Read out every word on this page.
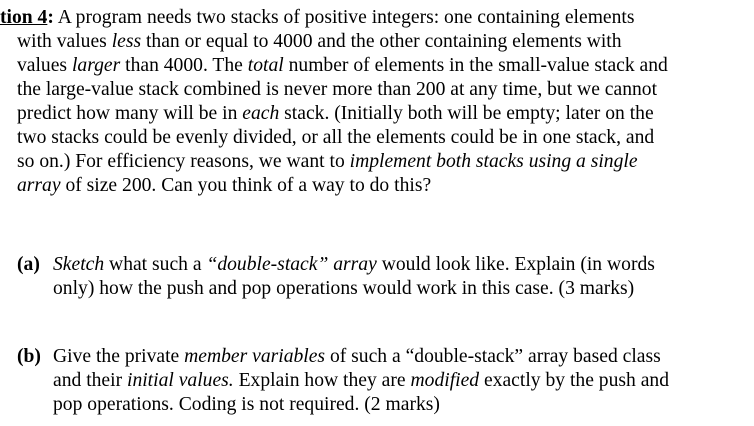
tion 4: A program needs two stacks of positive integers: one containing elements
with values less than or equal to 4000 and the other containing elements with
values larger than 4000. The total number of elements in the small-value stack and
the large-value stack combined is never more than 200 at any time, but we cannot
predict how many will be in each stack. (Initially both will be empty; later on the
two stacks could be evenly divided, or all the elements could be in one stack, and
so on.) For efficiency reasons, we want to implement both stacks using a single
array of size 200. Can you think of a way to do this?
(a) Sketch what such a “double-stack” array would look like. Explain (in words
only) how the push and pop operations would work in this case. (3 marks)
(b) Give the private member variables of such a “double-stack” array based class
and their initial values. Explain how they are modified exactly by the push and
pop operations. Coding is not required. (2 marks)
